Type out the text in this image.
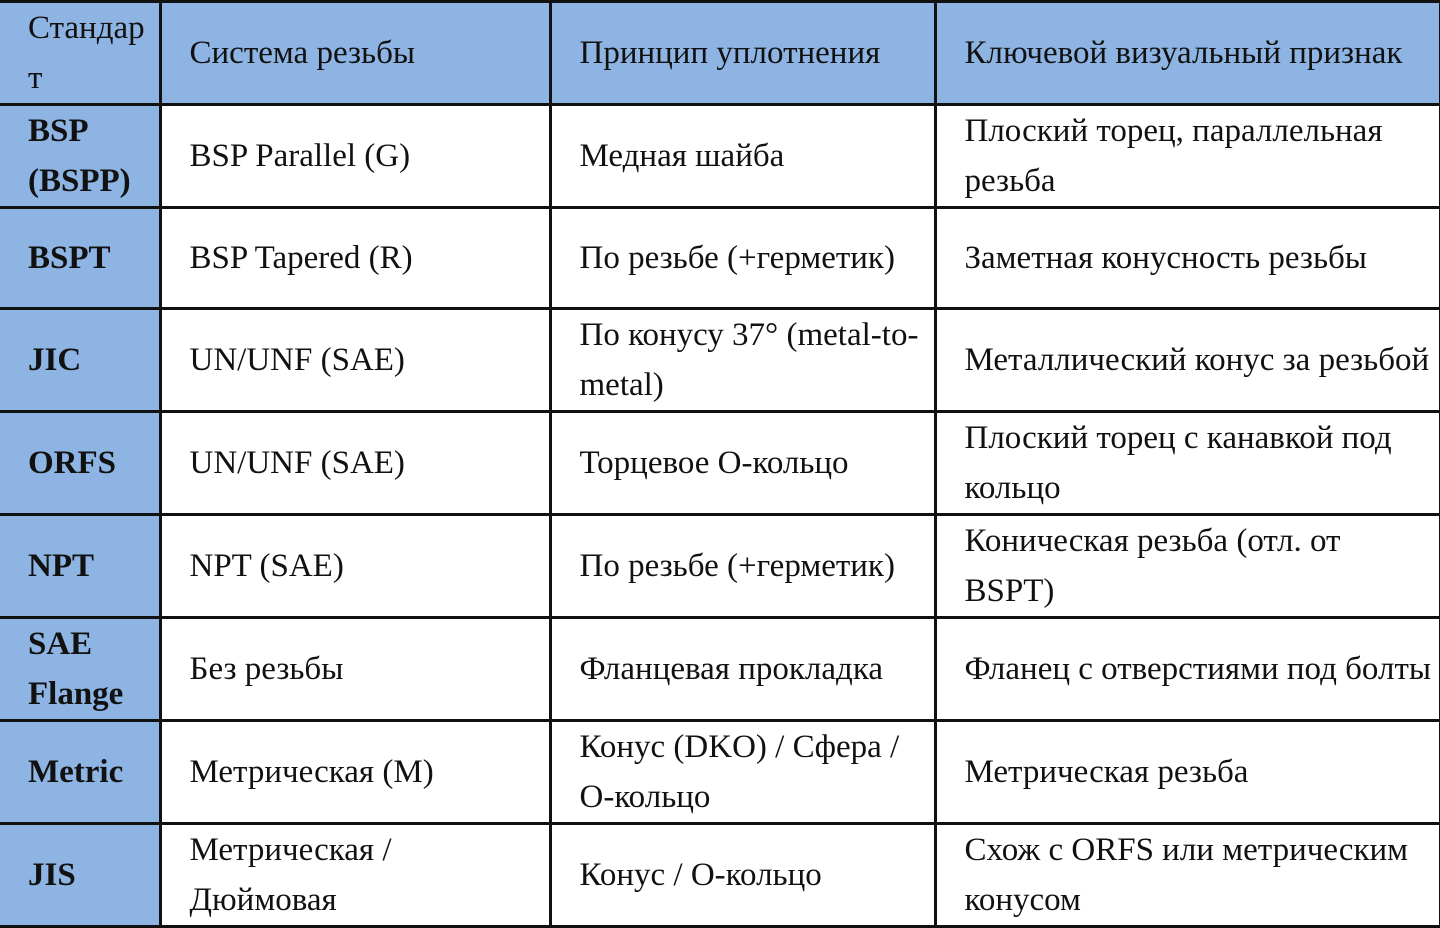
Стандарт	Система резьбы	Принцип уплотнения	Ключевой визуальный признак
BSP (BSPP)	BSP Parallel (G)	Медная шайба	Плоский торец, параллельная резьба
BSPT	BSP Tapered (R)	По резьбе (+герметик)	Заметная конусность резьбы
JIC	UN/UNF (SAE)	По конусу 37° (metal-to-metal)	Металлический конус за резьбой
ORFS	UN/UNF (SAE)	Торцевое О-кольцо	Плоский торец с канавкой под кольцо
NPT	NPT (SAE)	По резьбе (+герметик)	Коническая резьба (отл. от BSPT)
SAE Flange	Без резьбы	Фланцевая прокладка	Фланец с отверстиями под болты
Metric	Метрическая (M)	Конус (DKO) / Сфера / О-кольцо	Метрическая резьба
JIS	Метрическая / Дюймовая	Конус / О-кольцо	Схож с ORFS или метрическим конусом
